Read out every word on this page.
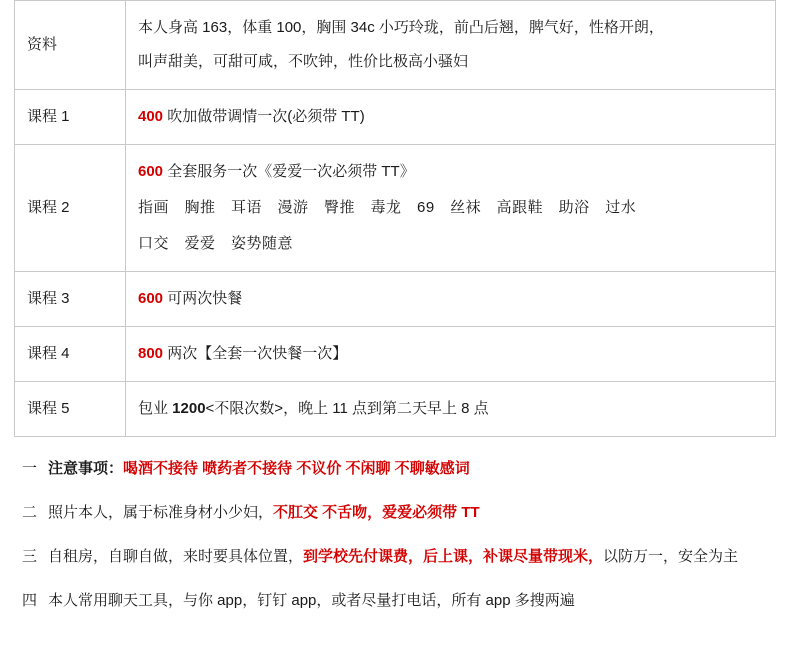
资料	本人身高 163，体重 100，胸围 34c 小巧玲珑，前凸后翘，脾气好，性格开朗，
叫声甜美，可甜可咸，不吹钟，性价比极高小骚妇

课程 1	400 吹加做带调情一次(必须带 TT)
课程 2	600 全套服务一次《爱爱一次必须带 TT》
指画　胸推　耳语　漫游　臀推　毒龙　69　丝袜　高跟鞋　助浴　过水
口交　爱爱　姿势随意

课程 3	600 可两次快餐
课程 4	800 两次【全套一次快餐一次】
课程 5	包业 1200<不限次数>，晚上 11 点到第二天早上 8 点
一 注意事项：喝酒不接待 喷药者不接待 不议价 不闲聊 不聊敏感词
二 照片本人，属于标准身材小少妇，不肛交 不舌吻，爱爱必须带 TT
三 自租房，自聊自做，来时要具体位置，到学校先付课费，后上课，补课尽量带现米，以防万一，安全为主
四 本人常用聊天工具，与你 app，钉钉 app，或者尽量打电话，所有 app 多搜两遍
